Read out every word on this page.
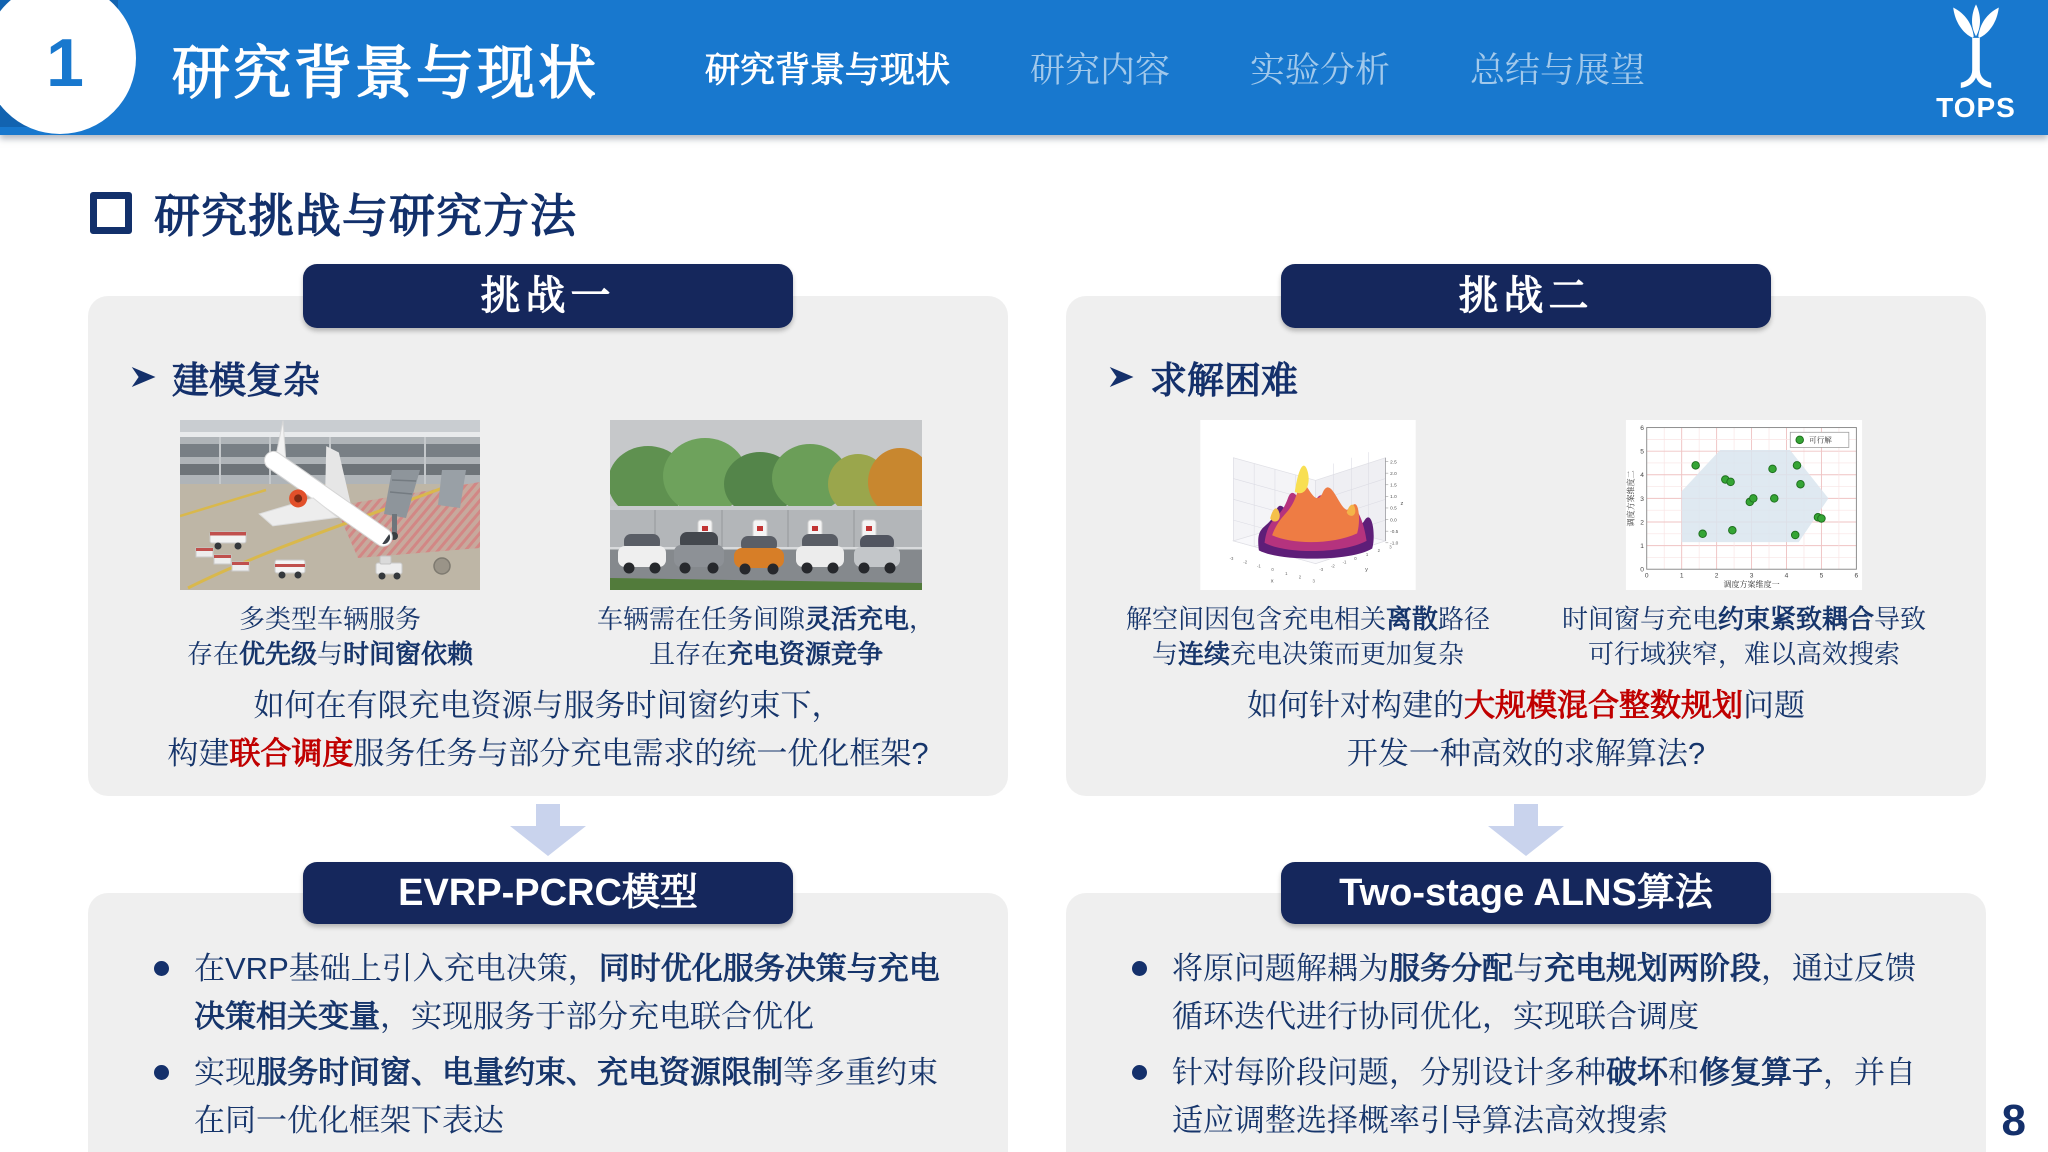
1 研究背景与现状	研究背景与现状 研究内容 实验分析 总结与展望
TOPS
研究挑战与研究方法
挑战一
建模复杂
多类型车辆服务
存在优先级与时间窗依赖
车辆需在任务间隙灵活充电，
且存在充电资源竞争
如何在有限充电资源与服务时间窗约束下，
构建联合调度服务任务与部分充电需求的统一优化框架?
EVRP-PCRC模型
在VRP基础上引入充电决策，同时优化服务决策与充电决策相关变量，实现服务于部分充电联合优化
实现服务时间窗、电量约束、充电资源限制等多重约束在同一优化框架下表达
挑战二
求解困难
2.5
2.0
1.5
1.0
0.5
0.0
-0.5
-1.0
-3
-2
-1
0
1
2
3
-3
-2
-1
0
1
2
3
x
y
z
解空间因包含充电相关离散路径
与连续充电决策而更加复杂
0	1	2	3	4	5	6
0
1
2
3
4
5
6
可行解
调度方案维度一
调度方案维度二
时间窗与充电约束紧致耦合导致
可行域狭窄，难以高效搜索
如何针对构建的大规模混合整数规划问题
开发一种高效的求解算法?
Two-stage ALNS算法
将原问题解耦为服务分配与充电规划两阶段，通过反馈循环迭代进行协同优化，实现联合调度
针对每阶段问题，分别设计多种破坏和修复算子，并自适应调整选择概率引导算法高效搜索	8
